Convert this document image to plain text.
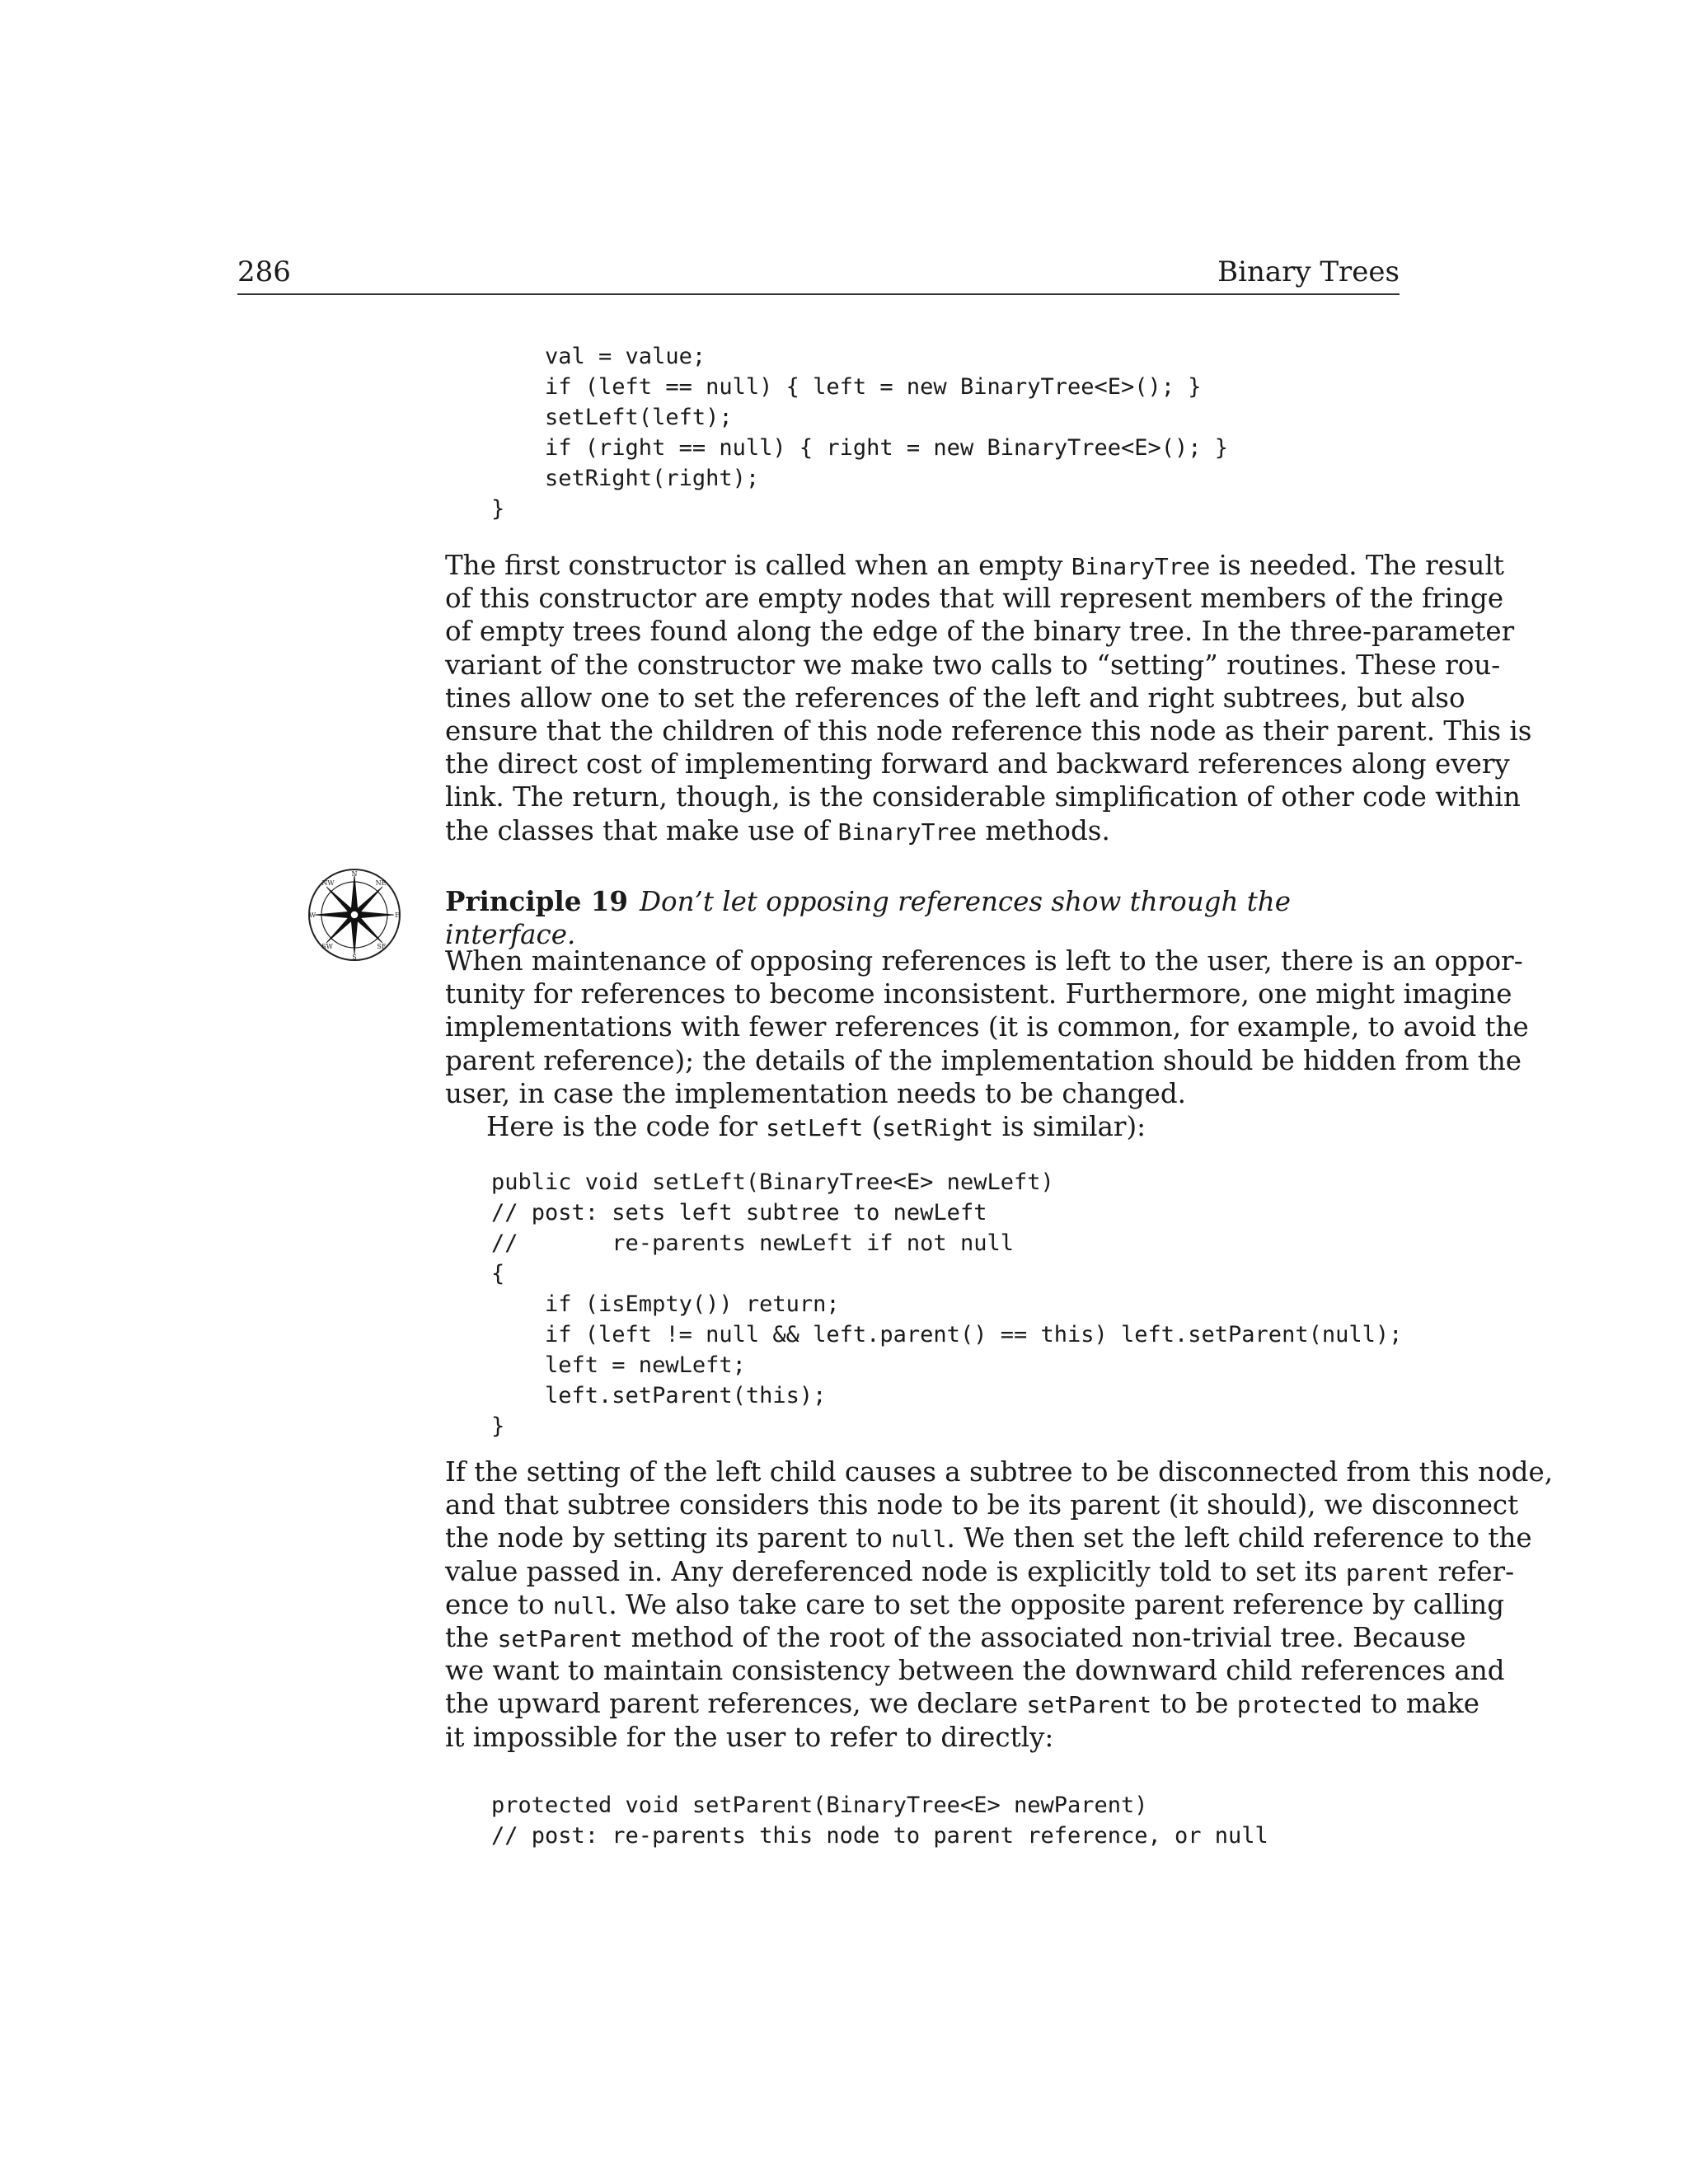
286	Binary Trees
val = value;
if (left == null) { left = new BinaryTree<E>(); }
setLeft(left);
if (right == null) { right = new BinaryTree<E>(); }
setRight(right);
}
The first constructor is called when an empty BinaryTree is needed. The result
of this constructor are empty nodes that will represent members of the fringe
of empty trees found along the edge of the binary tree. In the three-parameter
variant of the constructor we make two calls to “setting” routines. These rou-
tines allow one to set the references of the left and right subtrees, but also
ensure that the children of this node reference this node as their parent. This is
the direct cost of implementing forward and backward references along every
link. The return, though, is the considerable simplification of other code within
the classes that make use of BinaryTree methods.
N
NE
E
SE
S
SW
W
NW
Principle 19 Don’t let opposing references show through the interface.
When maintenance of opposing references is left to the user, there is an oppor-
tunity for references to become inconsistent. Furthermore, one might imagine
implementations with fewer references (it is common, for example, to avoid the
parent reference); the details of the implementation should be hidden from the
user, in case the implementation needs to be changed.
Here is the code for setLeft (setRight is similar):
public void setLeft(BinaryTree<E> newLeft)
// post: sets left subtree to newLeft
//       re-parents newLeft if not null
{
if (isEmpty()) return;
if (left != null && left.parent() == this) left.setParent(null);
left = newLeft;
left.setParent(this);
}
If the setting of the left child causes a subtree to be disconnected from this node,
and that subtree considers this node to be its parent (it should), we disconnect
the node by setting its parent to null. We then set the left child reference to the
value passed in. Any dereferenced node is explicitly told to set its parent refer-
ence to null. We also take care to set the opposite parent reference by calling
the setParent method of the root of the associated non-trivial tree. Because
we want to maintain consistency between the downward child references and
the upward parent references, we declare setParent to be protected to make
it impossible for the user to refer to directly:
protected void setParent(BinaryTree<E> newParent)
// post: re-parents this node to parent reference, or null
